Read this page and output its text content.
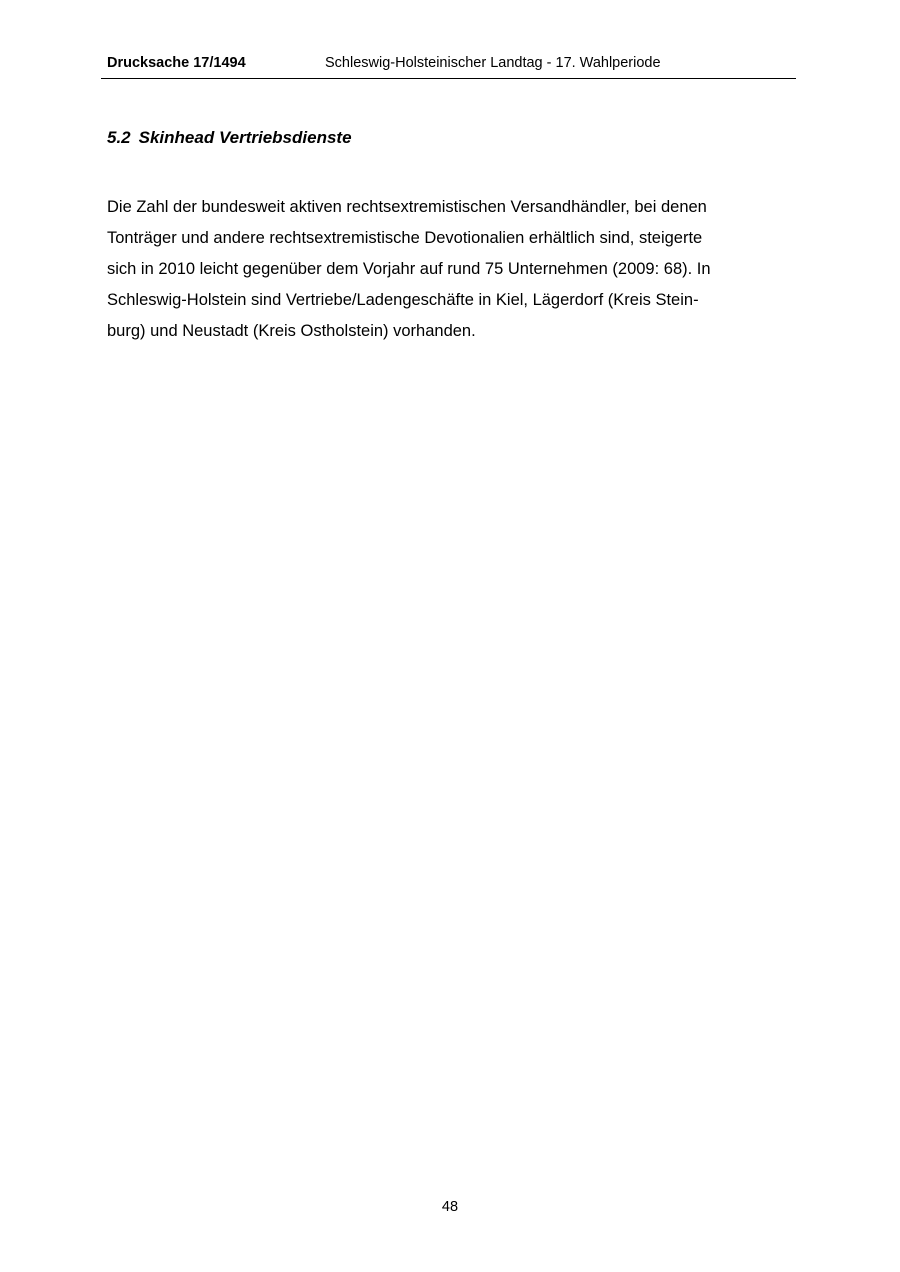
Drucksache 17/1494	Schleswig-Holsteinischer Landtag - 17. Wahlperiode
5.2 Skinhead Vertriebsdienste

Die Zahl der bundesweit aktiven rechtsextremistischen Versandhändler, bei denen
Tonträger und andere rechtsextremistische Devotionalien erhältlich sind, steigerte
sich in 2010 leicht gegenüber dem Vorjahr auf rund 75 Unternehmen (2009: 68). In
Schleswig-Holstein sind Vertriebe/Ladengeschäfte in Kiel, Lägerdorf (Kreis Stein-
burg) und Neustadt (Kreis Ostholstein) vorhanden.

48
